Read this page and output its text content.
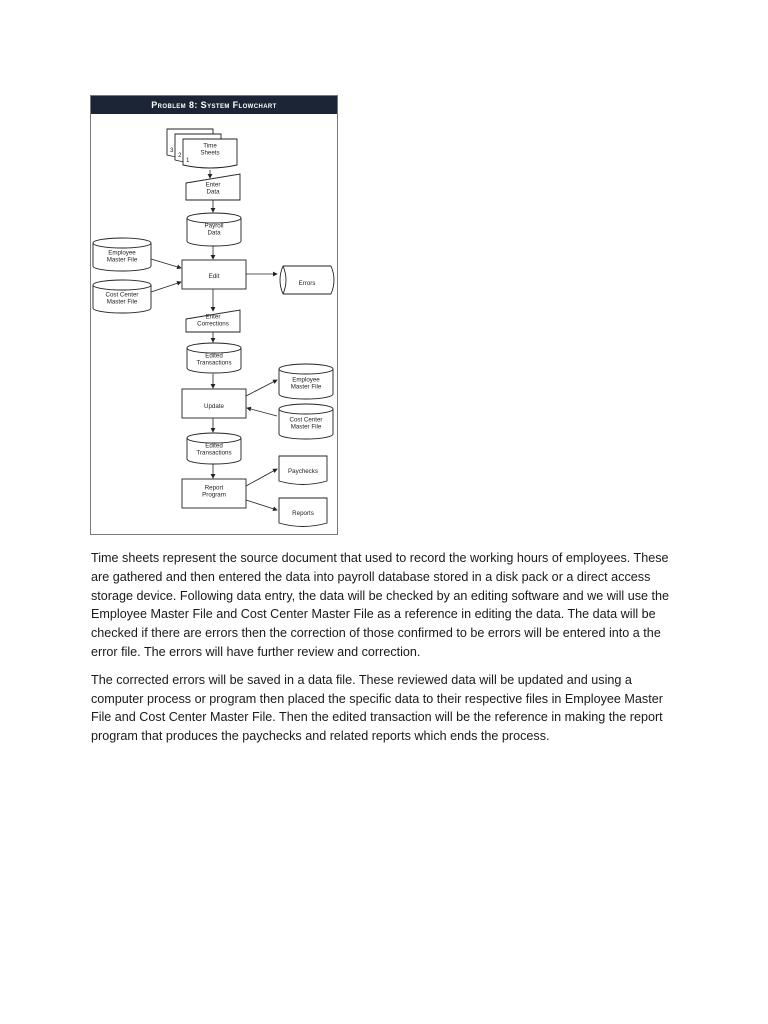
Problem 8: System Flowchart
Time
Sheets
Enter
Data
Payroll
Data
Employee
Master File
Cost Center
Master File
Edit
Errors
Enter
Corrections
Edited
Transactions
Update
Employee
Master File
Cost Center
Master File
Edited
Transactions
Report
Program
Paychecks
Reports
3
2
1

Time sheets represent the source document that used to record the working hours of employees. These are gathered and then entered the data into payroll database stored in a disk pack or a direct access storage device. Following data entry, the data will be checked by an editing software and we will use the Employee Master File and Cost Center Master File as a reference in editing the data. The data will be checked if there are errors then the correction of those confirmed to be errors will be entered into a the error file. The errors will have further review and correction.

The corrected errors will be saved in a data file. These reviewed data will be updated and using a computer process or program then placed the specific data to their respective files in Employee Master File and Cost Center Master File. Then the edited transaction will be the reference in making the report program that produces the paychecks and related reports which ends the process.
